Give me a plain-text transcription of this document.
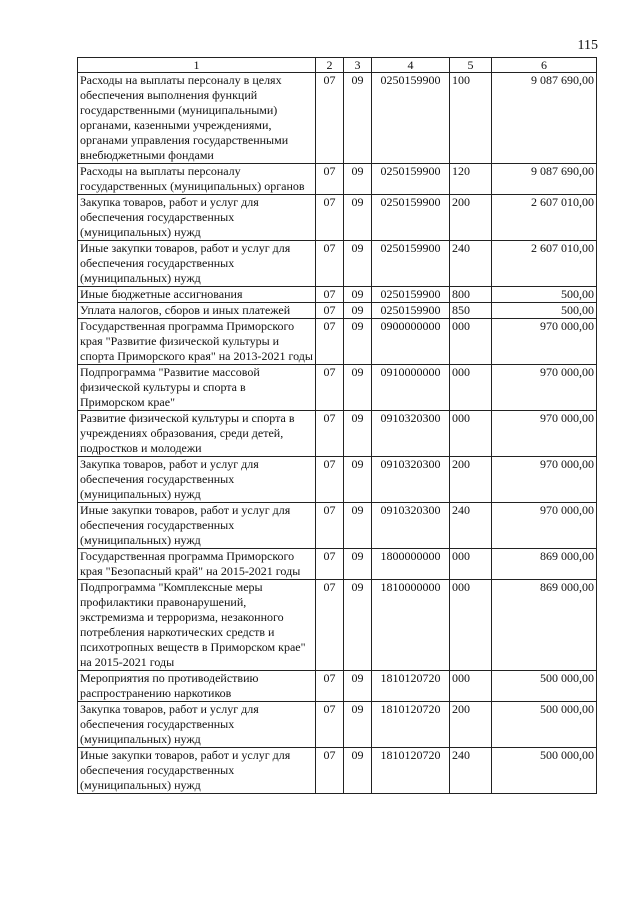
115
1	2	3	4	5	6
Расходы на выплаты персоналу в целях обеспечения выполнения функций государственными (муниципальными) органами, казенными учреждениями, органами управления государственными внебюджетными фондами	07	09	0250159900	100	9 087 690,00
Расходы на выплаты персоналу государственных (муниципальных) органов	07	09	0250159900	120	9 087 690,00
Закупка товаров, работ и услуг для обеспечения государственных (муниципальных) нужд	07	09	0250159900	200	2 607 010,00
Иные закупки товаров, работ и услуг для обеспечения государственных (муниципальных) нужд	07	09	0250159900	240	2 607 010,00
Иные бюджетные ассигнования	07	09	0250159900	800	500,00
Уплата налогов, сборов и иных платежей	07	09	0250159900	850	500,00
Государственная программа Приморского края "Развитие физической культуры и спорта Приморского края" на 2013-2021 годы	07	09	0900000000	000	970 000,00
Подпрограмма "Развитие массовой физической культуры и спорта в Приморском крае"	07	09	0910000000	000	970 000,00
Развитие физической культуры и спорта в учреждениях образования, среди детей, подростков и молодежи	07	09	0910320300	000	970 000,00
Закупка товаров, работ и услуг для обеспечения государственных (муниципальных) нужд	07	09	0910320300	200	970 000,00
Иные закупки товаров, работ и услуг для обеспечения государственных (муниципальных) нужд	07	09	0910320300	240	970 000,00
Государственная программа Приморского края "Безопасный край" на 2015-2021 годы	07	09	1800000000	000	869 000,00
Подпрограмма "Комплексные меры профилактики правонарушений, экстремизма и терроризма, незаконного потребления наркотических средств и психотропных веществ в Приморском крае" на 2015-2021 годы	07	09	1810000000	000	869 000,00
Мероприятия по противодействию распространению наркотиков	07	09	1810120720	000	500 000,00
Закупка товаров, работ и услуг для обеспечения государственных (муниципальных) нужд	07	09	1810120720	200	500 000,00
Иные закупки товаров, работ и услуг для обеспечения государственных (муниципальных) нужд	07	09	1810120720	240	500 000,00
